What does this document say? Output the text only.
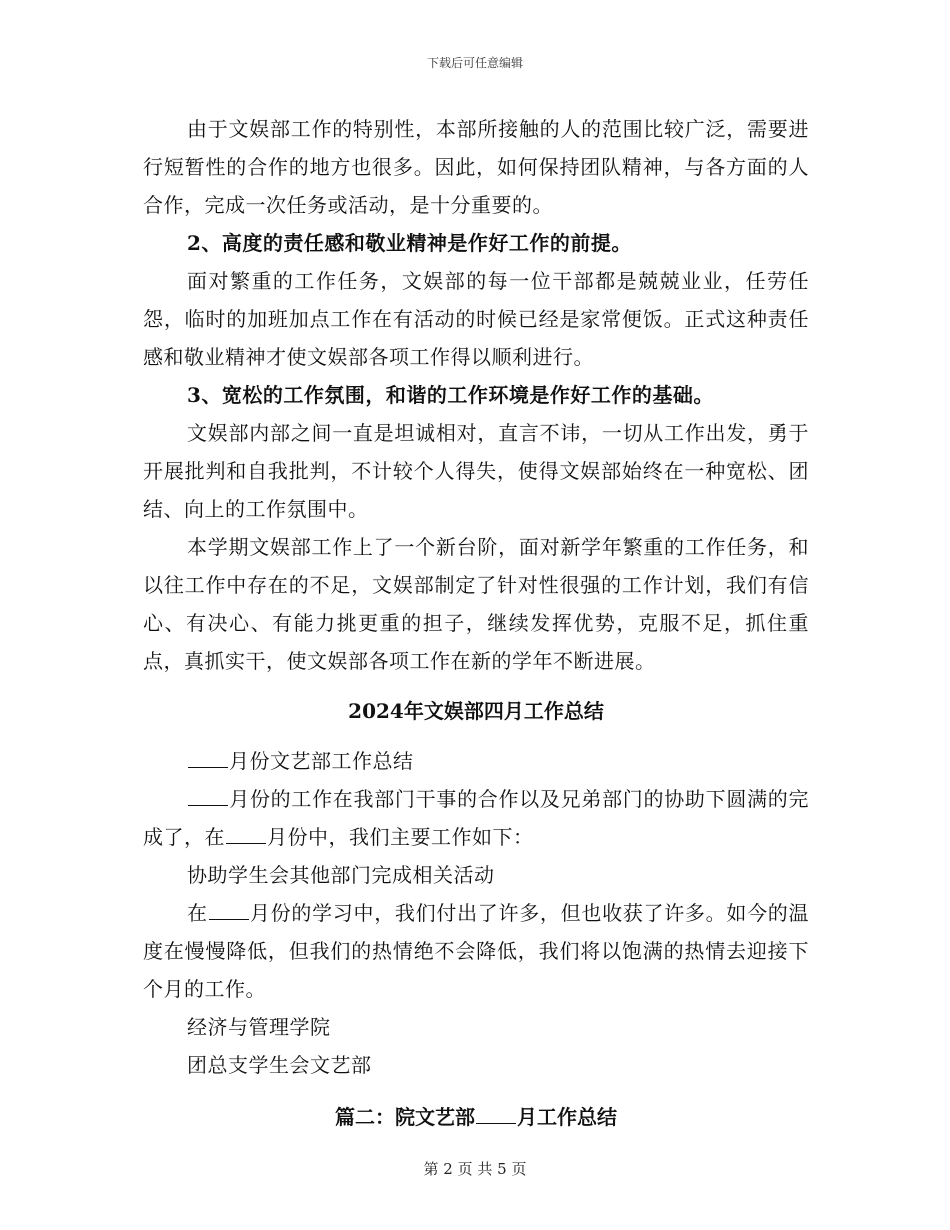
下载后可任意编辑

由于文娱部工作的特别性，本部所接触的人的范围比较广泛，需要进行短暂性的合作的地方也很多。因此，如何保持团队精神，与各方面的人合作，完成一次任务或活动，是十分重要的。

2、高度的责任感和敬业精神是作好工作的前提。

面对繁重的工作任务，文娱部的每一位干部都是兢兢业业，任劳任怨，临时的加班加点工作在有活动的时候已经是家常便饭。正式这种责任感和敬业精神才使文娱部各项工作得以顺利进行。

3、宽松的工作氛围，和谐的工作环境是作好工作的基础。

文娱部内部之间一直是坦诚相对，直言不讳，一切从工作出发，勇于开展批判和自我批判，不计较个人得失，使得文娱部始终在一种宽松、团结、向上的工作氛围中。

本学期文娱部工作上了一个新台阶，面对新学年繁重的工作任务，和以往工作中存在的不足，文娱部制定了针对性很强的工作计划，我们有信心、有决心、有能力挑更重的担子，继续发挥优势，克服不足，抓住重点，真抓实干，使文娱部各项工作在新的学年不断进展。

2024年文娱部四月工作总结

月份文艺部工作总结

月份的工作在我部门干事的合作以及兄弟部门的协助下圆满的完成了，在 月份中，我们主要工作如下：

协助学生会其他部门完成相关活动

在 月份的学习中，我们付出了许多，但也收获了许多。如今的温度在慢慢降低，但我们的热情绝不会降低，我们将以饱满的热情去迎接下个月的工作。

经济与管理学院

团总支学生会文艺部

篇二：院文艺部 月工作总结

第 2 页 共 5 页
